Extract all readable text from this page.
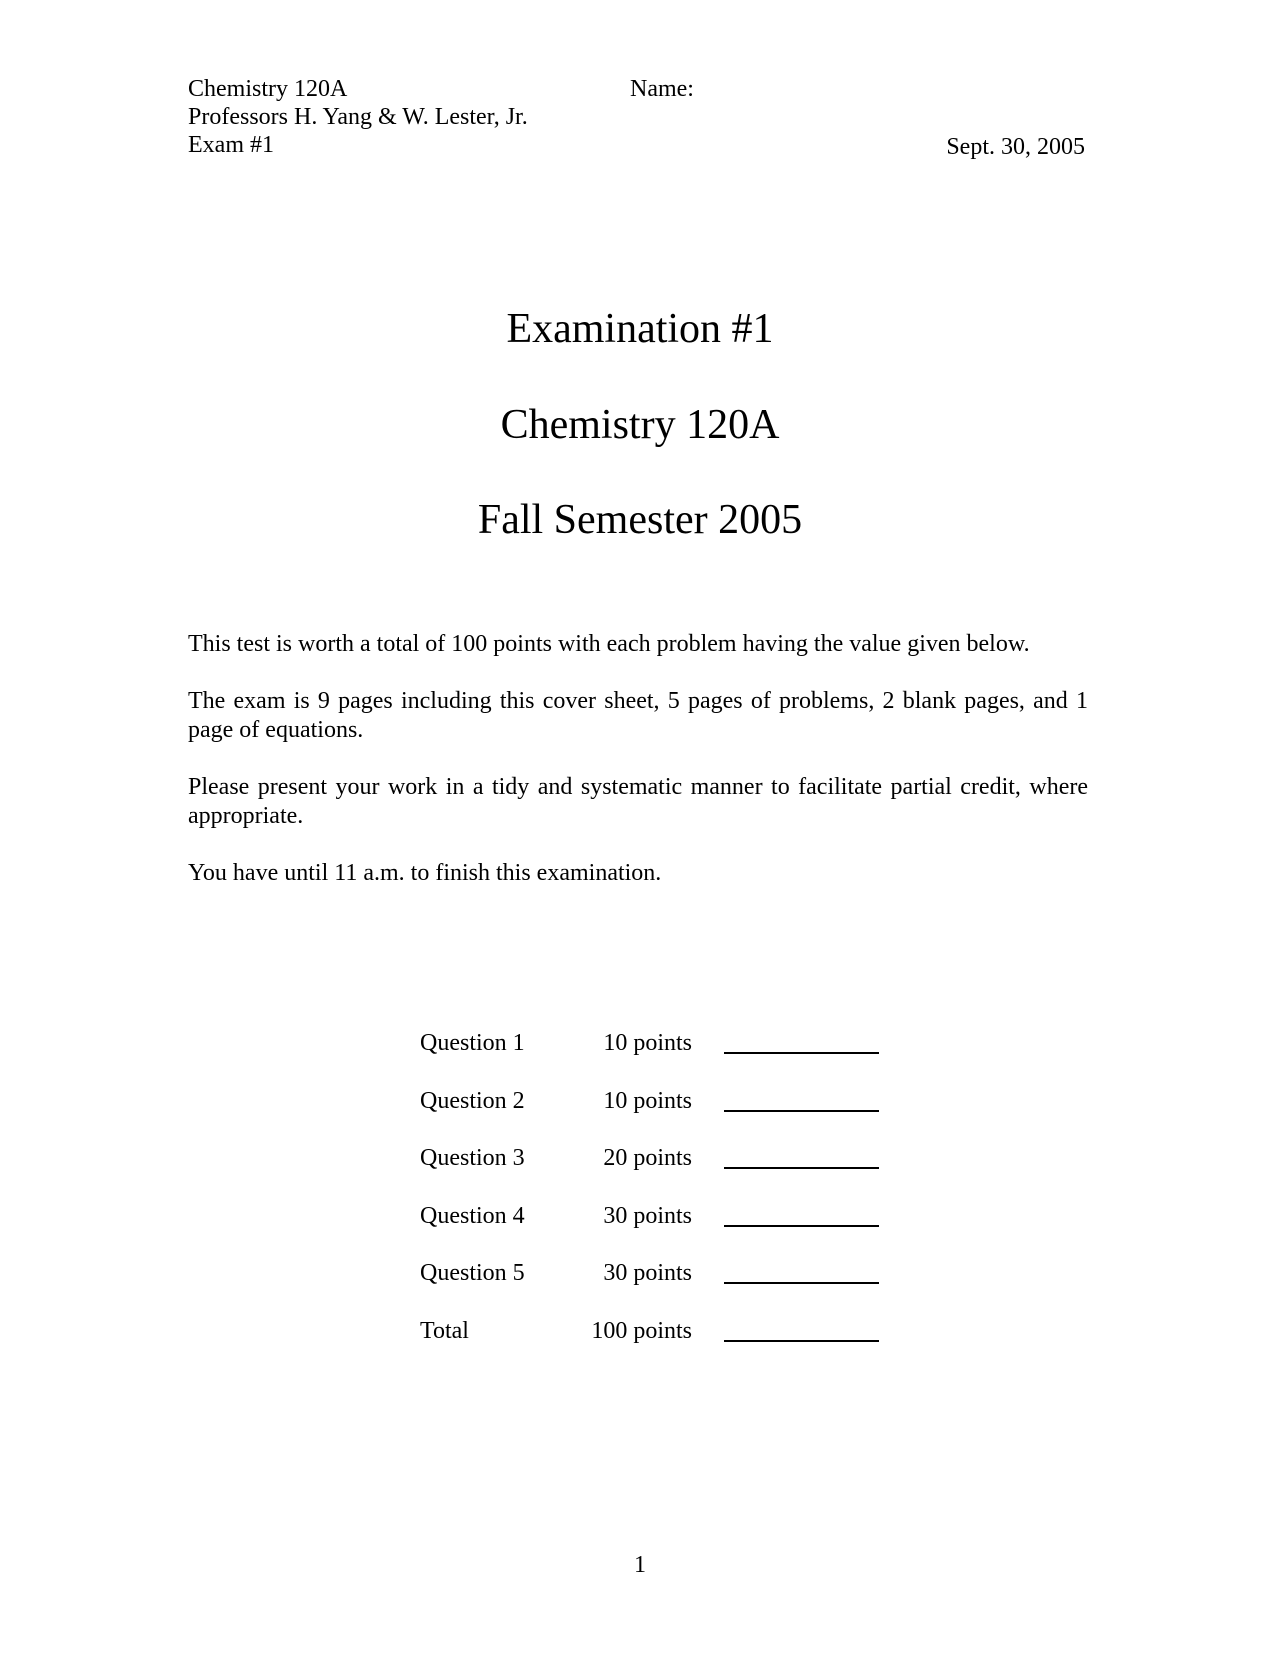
Chemistry 120A
Professors H. Yang & W. Lester, Jr.
Exam #1
Name:
Sept. 30, 2005
Examination #1
Chemistry 120A
Fall Semester 2005

This test is worth a total of 100 points with each problem having the value given below.

The exam is 9 pages including this cover sheet, 5 pages of problems, 2 blank pages, and 1 page of equations.

Please present your work in a tidy and systematic manner to facilitate partial credit, where appropriate.

You have until 11 a.m. to finish this examination.

Question 1	10 points	
Question 2	10 points	
Question 3	20 points	
Question 4	30 points	
Question 5	30 points	
Total	100 points	
1
